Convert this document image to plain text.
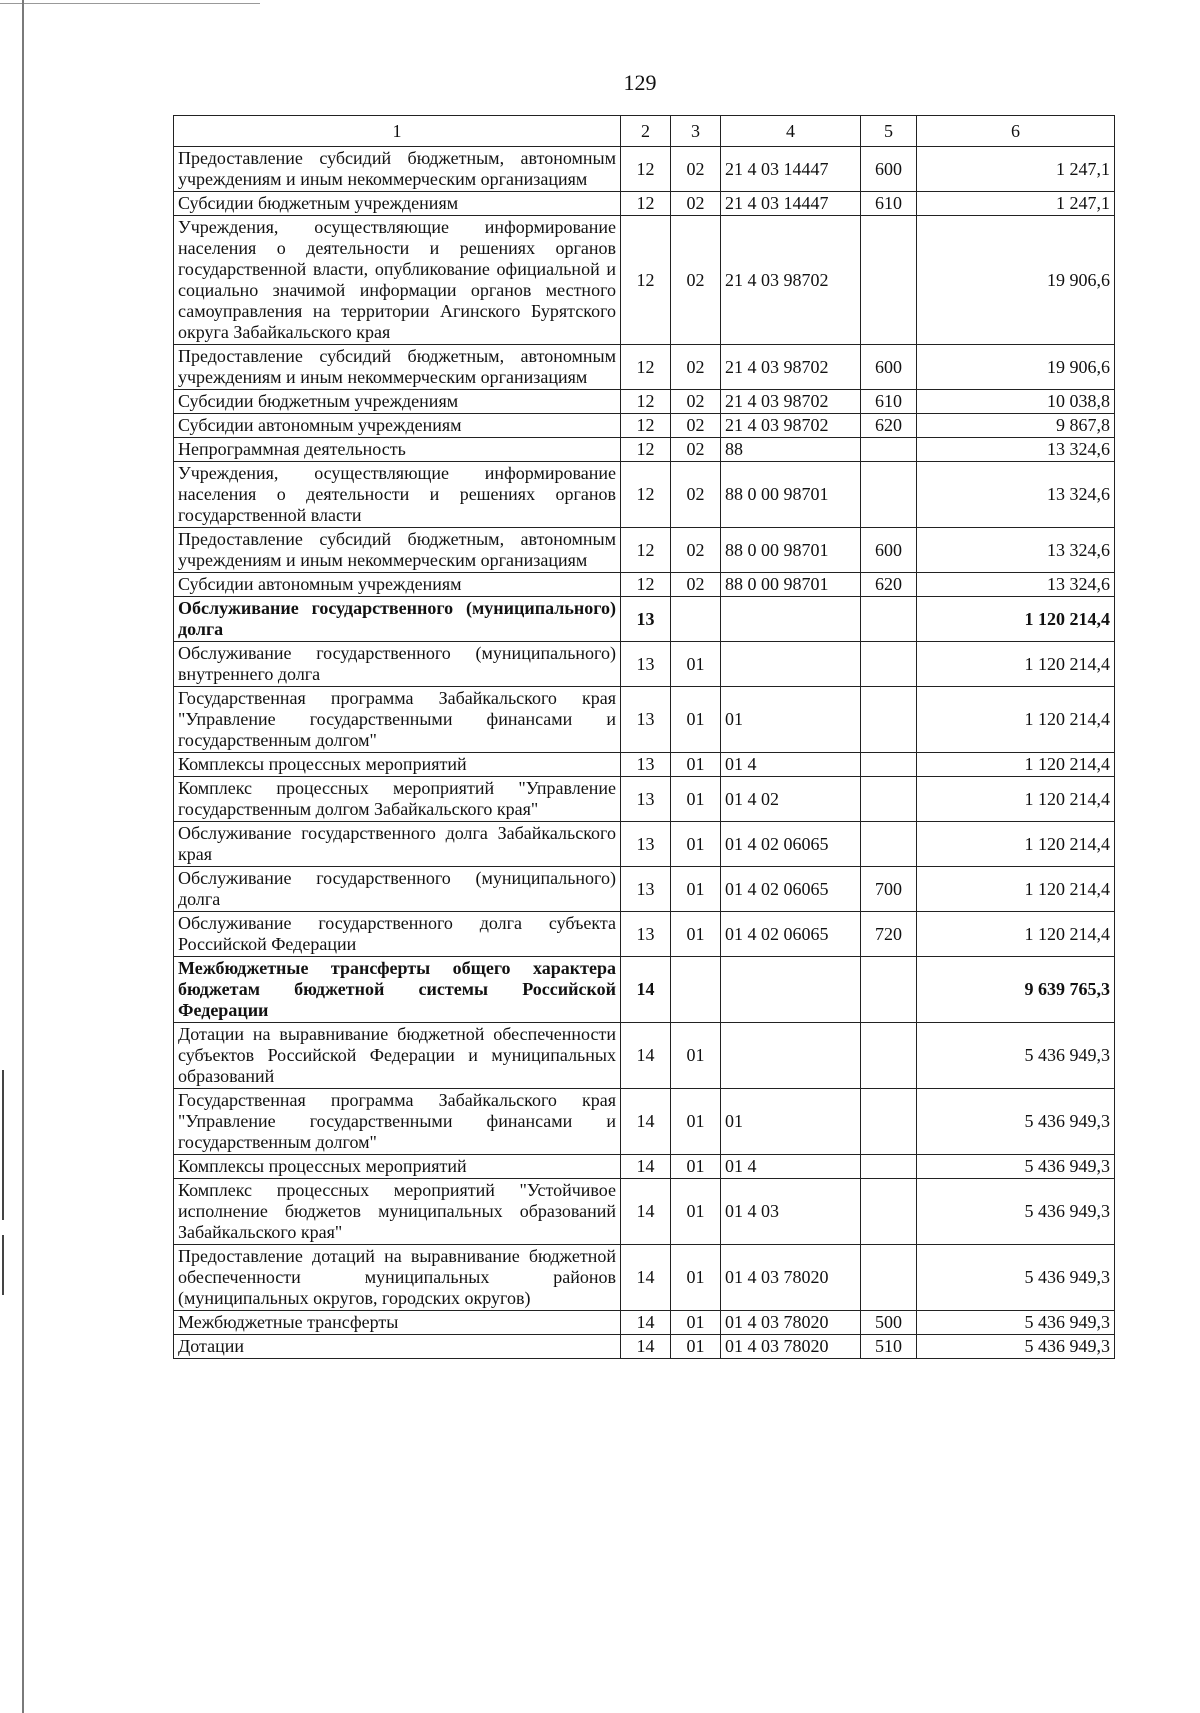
129
1	2	3	4	5	6
Предоставление субсидий бюджетным, автономным учреждениям и иным некоммерческим организациям	12	02	21 4 03 14447	600	1 247,1
Субсидии бюджетным учреждениям	12	02	21 4 03 14447	610	1 247,1
Учреждения, осуществляющие информирование населения о деятельности и решениях органов государственной власти, опубликование официальной и социально значимой информации органов местного самоуправления на территории Агинского Бурятского округа Забайкальского края	12	02	21 4 03 98702		19 906,6
Предоставление субсидий бюджетным, автономным учреждениям и иным некоммерческим организациям	12	02	21 4 03 98702	600	19 906,6
Субсидии бюджетным учреждениям	12	02	21 4 03 98702	610	10 038,8
Субсидии автономным учреждениям	12	02	21 4 03 98702	620	9 867,8
Непрограммная деятельность	12	02	88		13 324,6
Учреждения, осуществляющие информирование населения о деятельности и решениях органов государственной власти	12	02	88 0 00 98701		13 324,6
Предоставление субсидий бюджетным, автономным учреждениям и иным некоммерческим организациям	12	02	88 0 00 98701	600	13 324,6
Субсидии автономным учреждениям	12	02	88 0 00 98701	620	13 324,6
Обслуживание государственного (муниципального) долга	13				1 120 214,4
Обслуживание государственного (муниципального) внутреннего долга	13	01			1 120 214,4
Государственная программа Забайкальского края "Управление государственными финансами и государственным долгом"	13	01	01		1 120 214,4
Комплексы процессных мероприятий	13	01	01 4		1 120 214,4
Комплекс процессных мероприятий "Управление государственным долгом Забайкальского края"	13	01	01 4 02		1 120 214,4
Обслуживание государственного долга Забайкальского края	13	01	01 4 02 06065		1 120 214,4
Обслуживание государственного (муниципального) долга	13	01	01 4 02 06065	700	1 120 214,4
Обслуживание государственного долга субъекта Российской Федерации	13	01	01 4 02 06065	720	1 120 214,4
Межбюджетные трансферты общего характера бюджетам бюджетной системы Российской Федерации	14				9 639 765,3
Дотации на выравнивание бюджетной обеспеченности субъектов Российской Федерации и муниципальных образований	14	01			5 436 949,3
Государственная программа Забайкальского края "Управление государственными финансами и государственным долгом"	14	01	01		5 436 949,3
Комплексы процессных мероприятий	14	01	01 4		5 436 949,3
Комплекс процессных мероприятий "Устойчивое исполнение бюджетов муниципальных образований Забайкальского края"	14	01	01 4 03		5 436 949,3
Предоставление дотаций на выравнивание бюджетной обеспеченности муниципальных районов (муниципальных округов, городских округов)	14	01	01 4 03 78020		5 436 949,3
Межбюджетные трансферты	14	01	01 4 03 78020	500	5 436 949,3
Дотации	14	01	01 4 03 78020	510	5 436 949,3
